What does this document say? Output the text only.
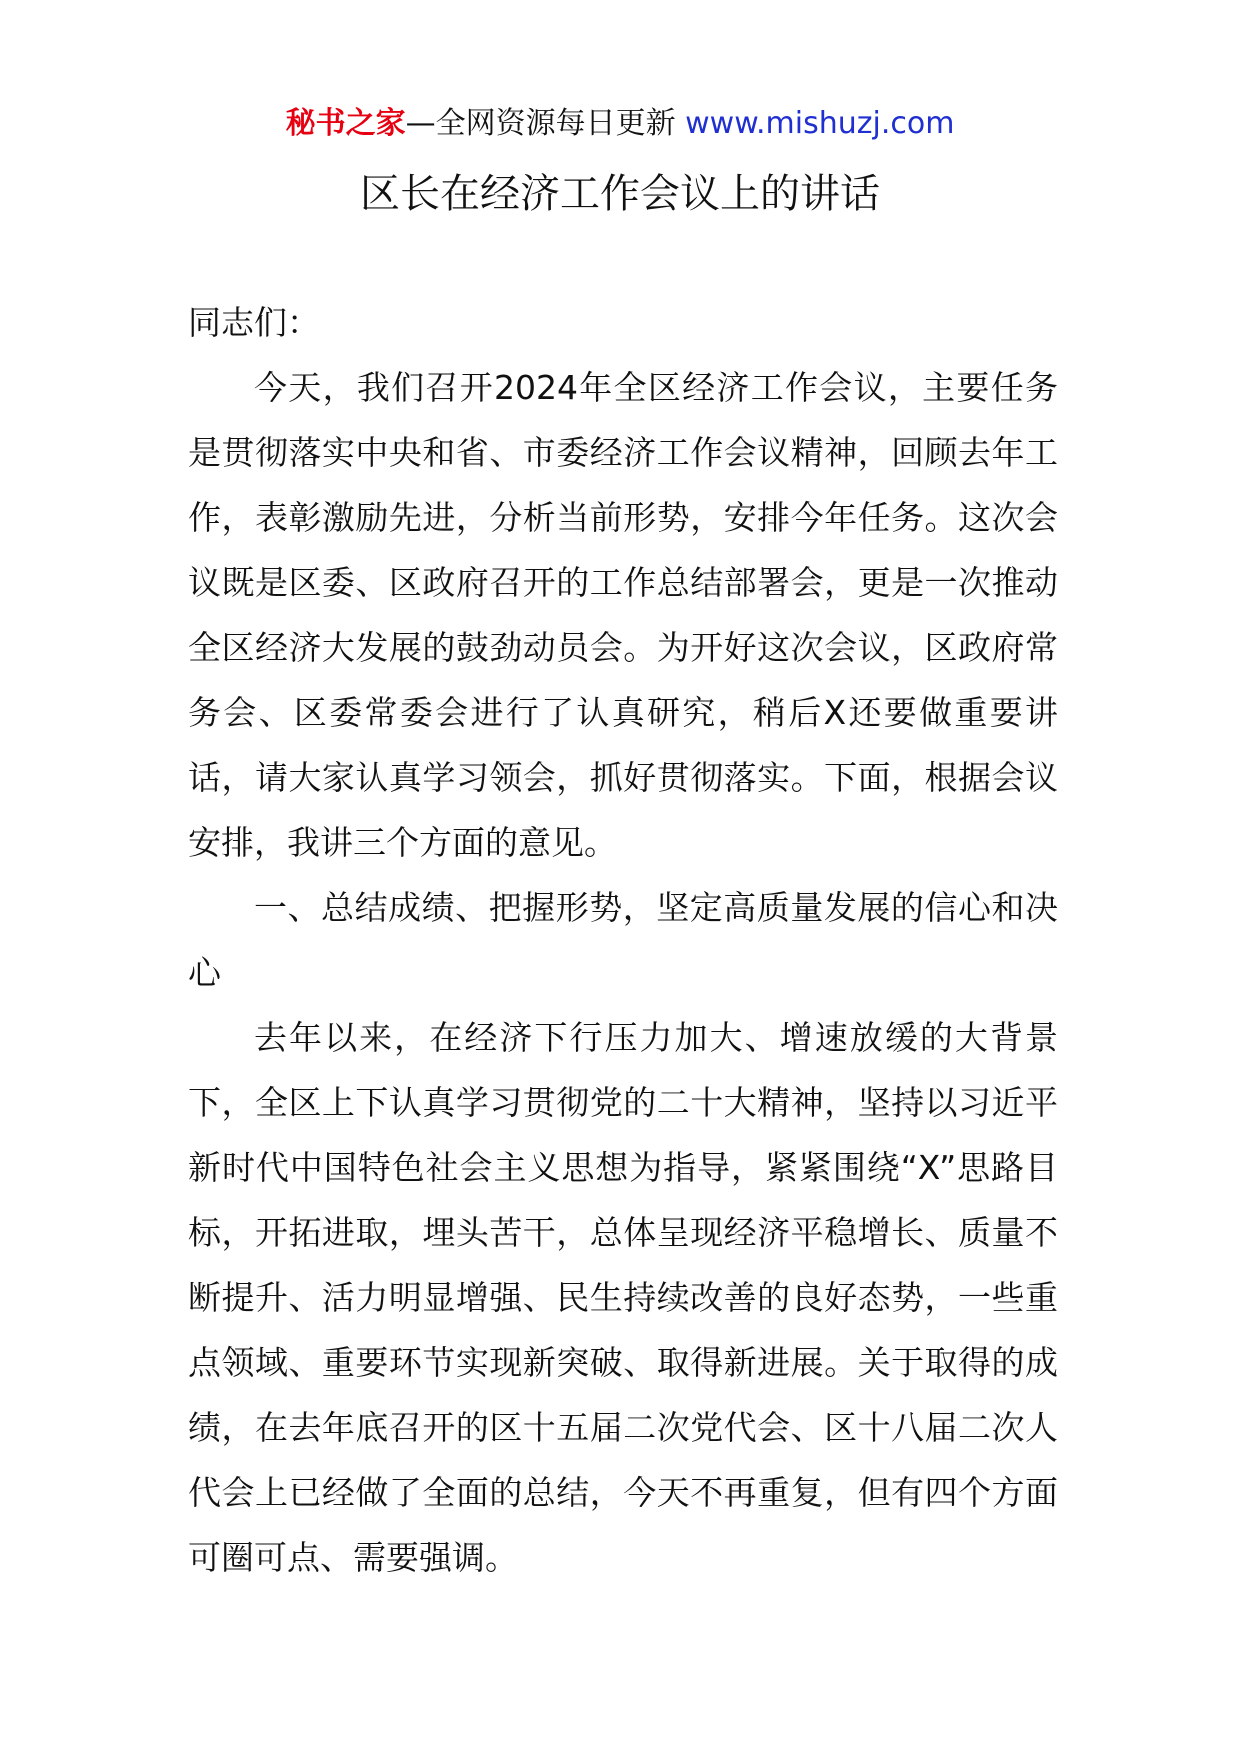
秘书之家—全网资源每日更新 www.mishuzj.com
区长在经济工作会议上的讲话

同志们：

今天，我们召开2024年全区经济工作会议，主要任务是贯彻落实中央和省、市委经济工作会议精神，回顾去年工作，表彰激励先进，分析当前形势，安排今年任务。这次会议既是区委、区政府召开的工作总结部署会，更是一次推动全区经济大发展的鼓劲动员会。为开好这次会议，区政府常务会、区委常委会进行了认真研究，稍后X还要做重要讲话，请大家认真学习领会，抓好贯彻落实。下面，根据会议安排，我讲三个方面的意见。

一、总结成绩、把握形势，坚定高质量发展的信心和决心

去年以来，在经济下行压力加大、增速放缓的大背景下，全区上下认真学习贯彻党的二十大精神，坚持以习近平新时代中国特色社会主义思想为指导，紧紧围绕“X”思路目标，开拓进取，埋头苦干，总体呈现经济平稳增长、质量不断提升、活力明显增强、民生持续改善的良好态势，一些重点领域、重要环节实现新突破、取得新进展。关于取得的成绩，在去年底召开的区十五届二次党代会、区十八届二次人代会上已经做了全面的总结，今天不再重复，但有四个方面可圈可点、需要强调。
